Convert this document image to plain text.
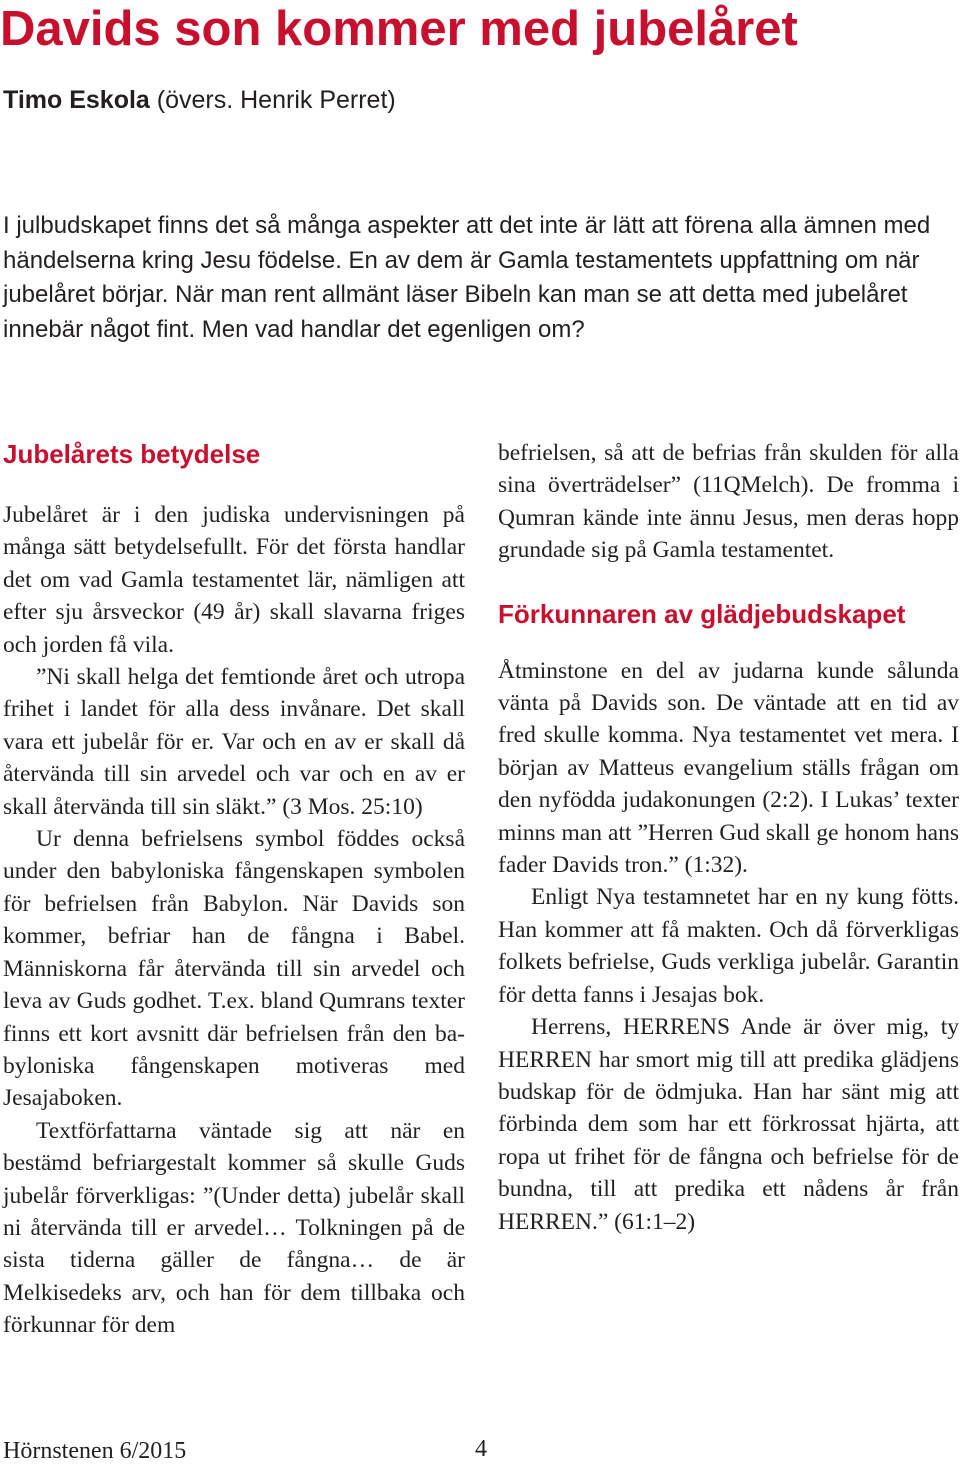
Davids son kommer med jubelåret
Timo Eskola (övers. Henrik Perret)

I julbudskapet finns det så många aspekter att det inte är lätt att förena alla ämnen med händelserna kring Jesu födelse. En av dem är Gamla testamentets uppfattning om när jubelåret börjar. När man rent allmänt läser Bibeln kan man se att detta med jubelåret innebär något fint. Men vad handlar det egenligen om?

Jubelårets betydelse

Jubelåret är i den judiska undervisningen på många sätt betydelsefullt. För det första handlar det om vad Gamla testamentet lär, nämligen att efter sju årsveckor (49 år) skall slavarna friges och jorden få vila.

”Ni skall helga det femtionde året och utropa frihet i landet för alla dess invånare. Det skall vara ett jubelår för er. Var och en av er skall då återvända till sin arvedel och var och en av er skall återvända till sin släkt.” (3 Mos. 25:10)

Ur denna befrielsens symbol föddes också under den babyloniska fångenskapen symbolen för befrielsen från Babylon. När Davids son kommer, befriar han de fångna i Babel. Människorna får återvända till sin arvedel och leva av Guds godhet. T.ex. bland Qumrans texter finns ett kort avsnitt där befrielsen från den babyloniska fångenskapen motiveras med Jesajaboken.

Textförfattarna väntade sig att när en bestämd befriargestalt kommer så skulle Guds jubelår förverkligas: ”(Under detta) jubelår skall ni återvända till er arvedel… Tolkningen på de sista tiderna gäller de fångna… de är Melkisedeks arv, och han för dem tillbaka och förkunnar för dem

befrielsen, så att de befrias från skulden för alla sina överträdelser” (11QMelch). De fromma i Qumran kände inte ännu Jesus, men deras hopp grundade sig på Gamla testamentet.

Förkunnaren av glädjebudskapet

Åtminstone en del av judarna kunde sålunda vänta på Davids son. De väntade att en tid av fred skulle komma. Nya testamentet vet mera. I början av Matteus evangelium ställs frågan om den nyfödda judakonungen (2:2). I Lukas’ texter minns man att ”Herren Gud skall ge honom hans fader Davids tron.” (1:32).

Enligt Nya testamnetet har en ny kung fötts. Han kommer att få makten. Och då förverkligas folkets befrielse, Guds verkliga jubelår. Garantin för detta fanns i Jesajas bok.

Herrens, HERRENS Ande är över mig, ty HERREN har smort mig till att predika glädjens budskap för de ödmjuka. Han har sänt mig att förbinda dem som har ett förkrossat hjärta, att ropa ut frihet för de fångna och befrielse för de bundna, till att predika ett nådens år från HERREN.” (61:1–2)

Hörnstenen 6/2015	4
